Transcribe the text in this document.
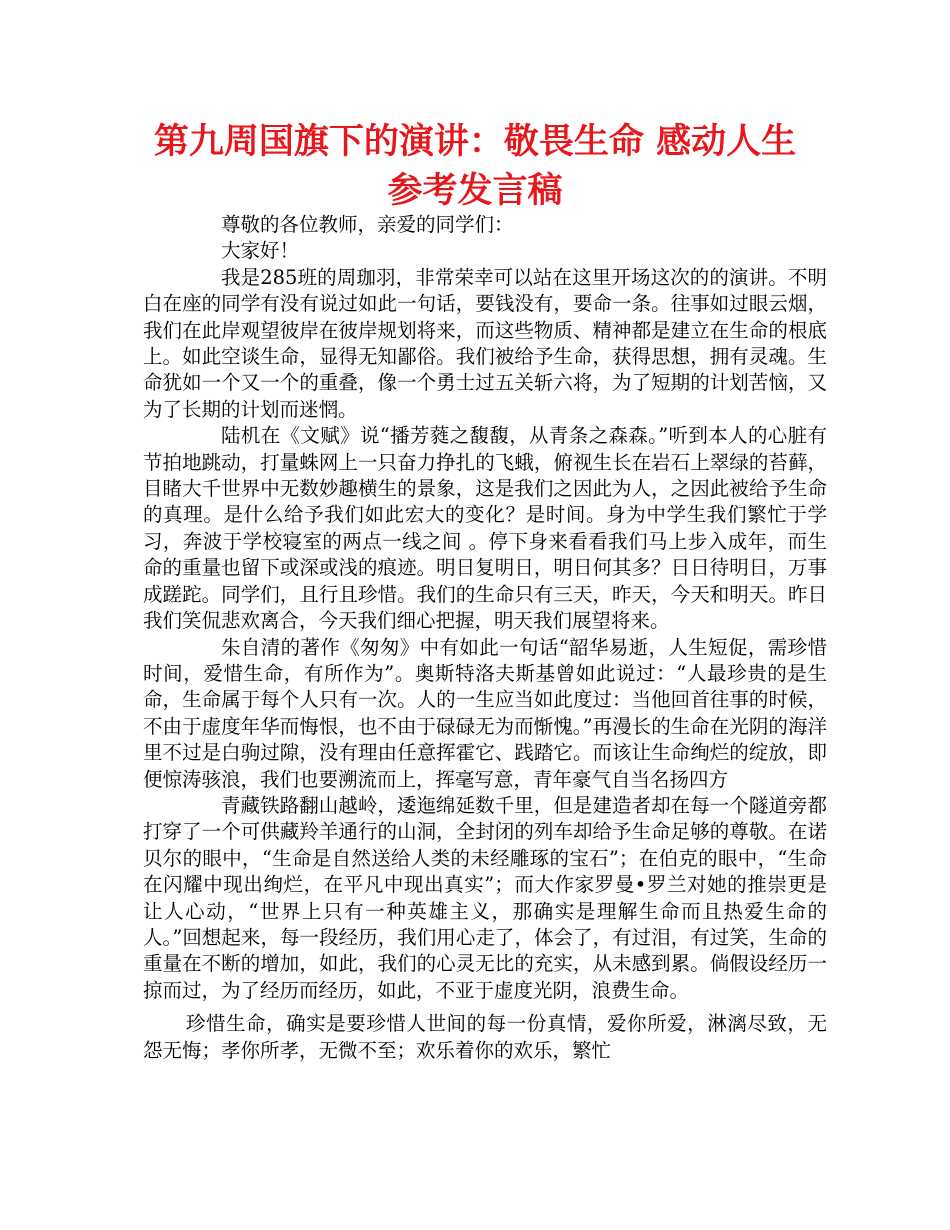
第九周国旗下的演讲：敬畏生命 感动人生参考发言稿

尊敬的各位教师，亲爱的同学们：

大家好！

我是285班的周珈羽，非常荣幸可以站在这里开场这次的的演讲。不明白在座的同学有没有说过如此一句话，要钱没有，要命一条。往事如过眼云烟，我们在此岸观望彼岸在彼岸规划将来，而这些物质、精神都是建立在生命的根底上。如此空谈生命，显得无知鄙俗。我们被给予生命，获得思想，拥有灵魂。生命犹如一个又一个的重叠，像一个勇士过五关斩六将，为了短期的计划苦恼，又为了长期的计划而迷惘。

陆机在《文赋》说“播芳蕤之馥馥，从青条之森森。”听到本人的心脏有节拍地跳动，打量蛛网上一只奋力挣扎的飞蛾，俯视生长在岩石上翠绿的苔藓，目睹大千世界中无数妙趣横生的景象，这是我们之因此为人，之因此被给予生命的真理。是什么给予我们如此宏大的变化？是时间。身为中学生我们繁忙于学习，奔波于学校寝室的两点一线之间 。停下身来看看我们马上步入成年，而生命的重量也留下或深或浅的痕迹。明日复明日，明日何其多？日日待明日，万事成蹉跎。同学们，且行且珍惜。我们的生命只有三天，昨天，今天和明天。昨日我们笑侃悲欢离合，今天我们细心把握，明天我们展望将来。

朱自清的著作《匆匆》中有如此一句话“韶华易逝，人生短促，需珍惜时间，爱惜生命，有所作为”。奥斯特洛夫斯基曾如此说过：“人最珍贵的是生命，生命属于每个人只有一次。人的一生应当如此度过：当他回首往事的时候，不由于虚度年华而悔恨，也不由于碌碌无为而惭愧。”再漫长的生命在光阴的海洋里不过是白驹过隙，没有理由任意挥霍它、践踏它。而该让生命绚烂的绽放，即便惊涛骇浪，我们也要溯流而上，挥毫写意，青年豪气自当名扬四方

青藏铁路翻山越岭，逶迤绵延数千里，但是建造者却在每一个隧道旁都打穿了一个可供藏羚羊通行的山洞，全封闭的列车却给予生命足够的尊敬。在诺贝尔的眼中，“生命是自然送给人类的未经雕琢的宝石”；在伯克的眼中，“生命在闪耀中现出绚烂，在平凡中现出真实”；而大作家罗曼•罗兰对她的推崇更是让人心动，“世界上只有一种英雄主义，那确实是理解生命而且热爱生命的人。”回想起来，每一段经历，我们用心走了，体会了，有过泪，有过笑，生命的重量在不断的增加，如此，我们的心灵无比的充实，从未感到累。倘假设经历一掠而过，为了经历而经历，如此，不亚于虚度光阴，浪费生命。

珍惜生命，确实是要珍惜人世间的每一份真情，爱你所爱，淋漓尽致，无怨无悔；孝你所孝，无微不至；欢乐着你的欢乐，繁忙
